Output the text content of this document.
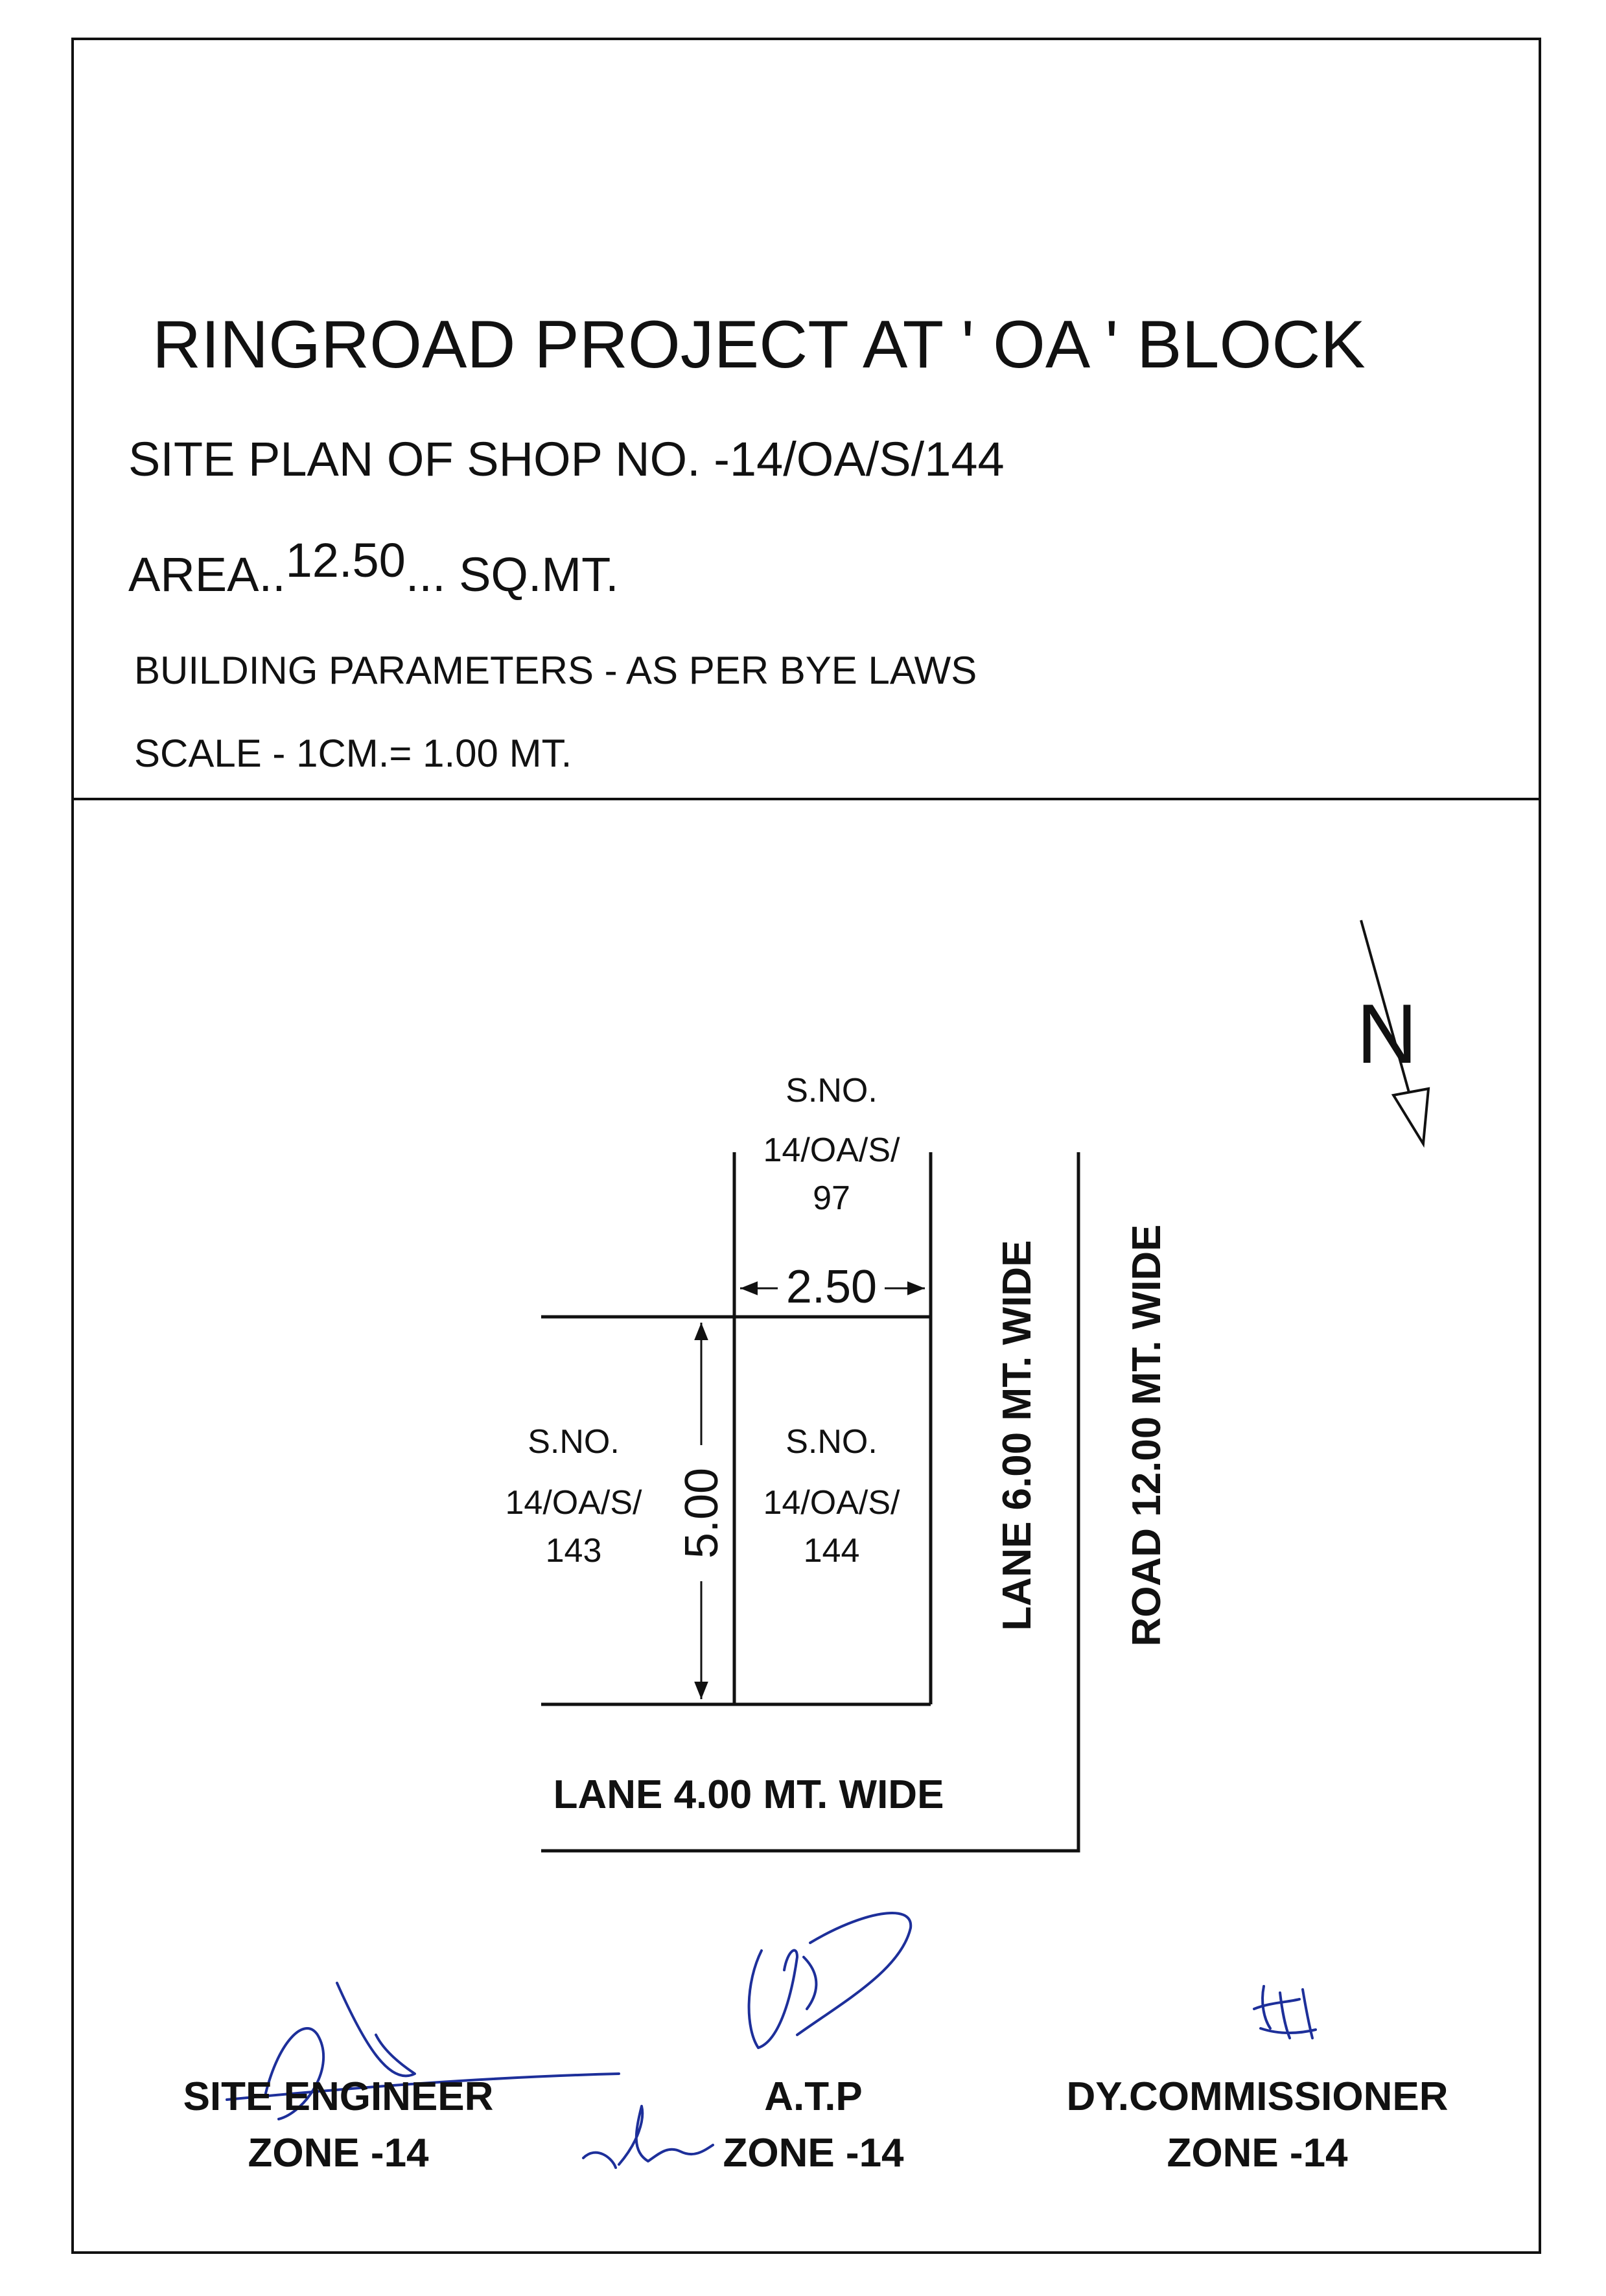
RINGROAD PROJECT AT ' OA ' BLOCK
SITE PLAN OF SHOP NO. -14/OA/S/144
AREA..12.50... SQ.MT.
BUILDING PARAMETERS - AS PER BYE LAWS
SCALE - 1CM.= 1.00 MT.
2.50
5.00
S.NO.
14/OA/S/
97
S.NO.
14/OA/S/
143
S.NO.
14/OA/S/
144
LANE 4.00 MT. WIDE
LANE 6.00 MT. WIDE ROAD 12.00 MT. WIDE
N
SITE ENGINEER
ZONE -14
A.T.P
ZONE -14
DY.COMMISSIONER
ZONE -14
